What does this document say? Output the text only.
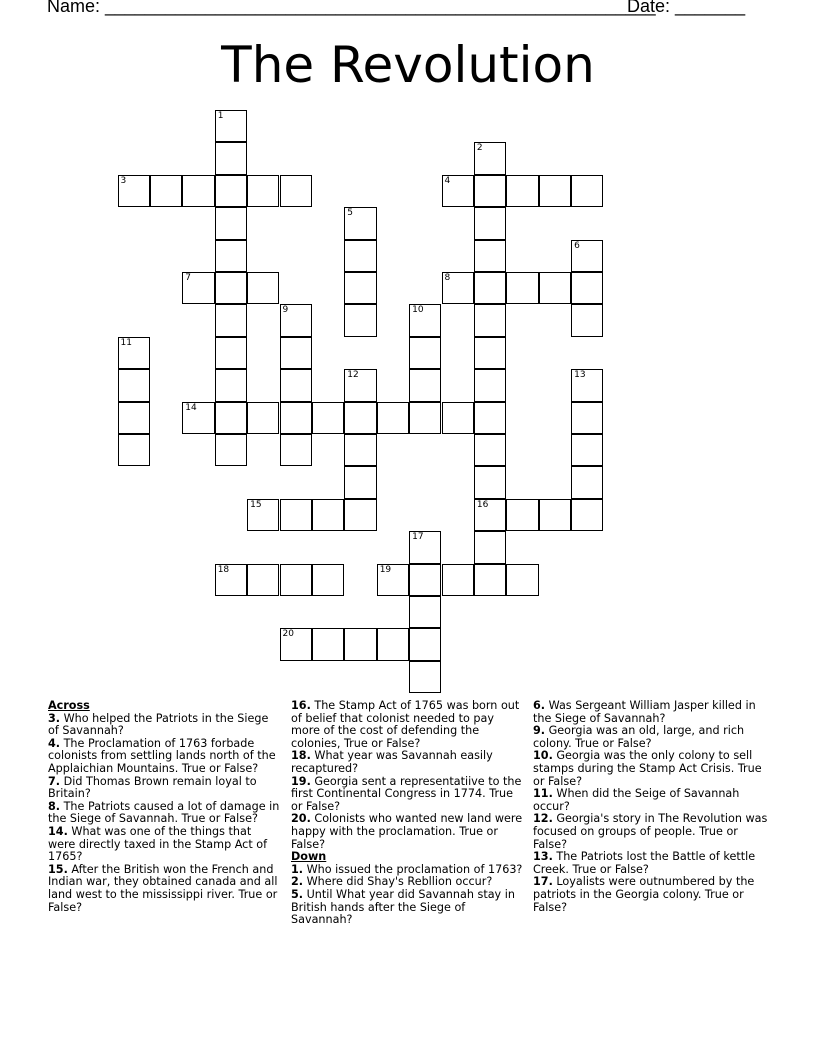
Name: _______________________________________________________
Date: _______
The Revolution
1
2
16
3	4
5
6
7	8
9	10
11
12	13
14
15
17
18	19
20

Across

3. Who helped the Patriots in the Siege of Savannah?

4. The Proclamation of 1763 forbade colonists from settling lands north of the Applaichian Mountains. True or False?

7. Did Thomas Brown remain loyal to Britain?

8. The Patriots caused a lot of damage in the Siege of Savannah. True or False?

14. What was one of the things that were directly taxed in the Stamp Act of 1765?

15. After the British won the French and Indian war, they obtained canada and all land west to the mississippi river. True or False?

16. The Stamp Act of 1765 was born out of belief that colonist needed to pay more of the cost of defending the colonies, True or False?

18. What year was Savannah easily recaptured?

19. Georgia sent a representatiive to the first Continental Congress in 1774. True or False?

20. Colonists who wanted new land were happy with the proclamation. True or False?

Down

1. Who issued the proclamation of 1763?

2. Where did Shay's Rebllion occur?

5. Until What year did Savannah stay in British hands after the Siege of Savannah?

6. Was Sergeant William Jasper killed in the Siege of Savannah?

9. Georgia was an old, large, and rich colony. True or False?

10. Georgia was the only colony to sell stamps during the Stamp Act Crisis. True or False?

11. When did the Seige of Savannah occur?

12. Georgia's story in The Revolution was focused on groups of people. True or False?

13. The Patriots lost the Battle of kettle Creek. True or False?

17. Loyalists were outnumbered by the patriots in the Georgia colony. True or False?
